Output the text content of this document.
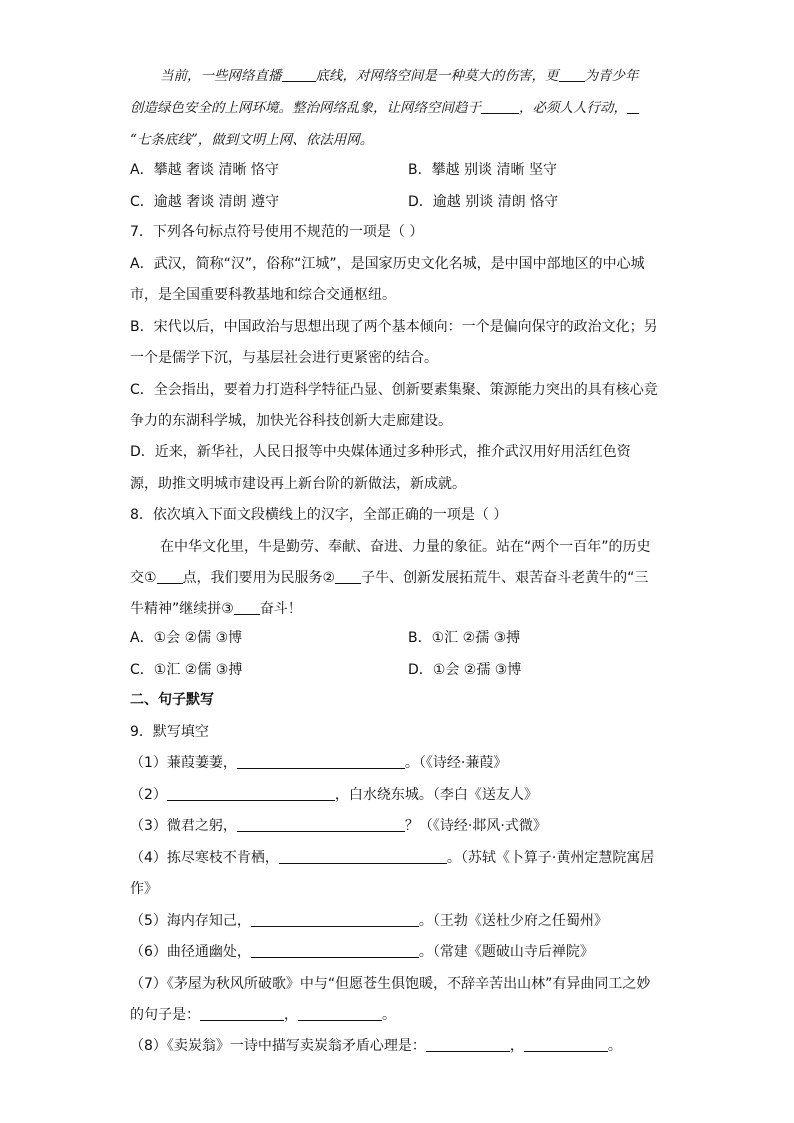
当前，一些网络直播	底线，对网络空间是一种莫大的伤害，更 为青少年
创造绿色安全的上网环境。整治网络乱象，让网络空间趋于	，必须人人行动，
“七条底线”，做到文明上网、依法用网。
A．攀越 奢谈 清晰 恪守	B．攀越 别谈 清晰 坚守
C．逾越 奢谈 清朗 遵守	D．逾越 别谈 清朗 恪守
7．下列各句标点符号使用不规范的一项是（ ）
A．武汉，简称“汉”，俗称“江城”，是国家历史文化名城，是中国中部地区的中心城
市，是全国重要科教基地和综合交通枢纽。
B．宋代以后，中国政治与思想出现了两个基本倾向：一个是偏向保守的政治文化；另
一个是儒学下沉，与基层社会进行更紧密的结合。
C．全会指出，要着力打造科学特征凸显、创新要素集聚、策源能力突出的具有核心竞
争力的东湖科学城，加快光谷科技创新大走廊建设。
D．近来，新华社，人民日报等中央媒体通过多种形式，推介武汉用好用活红色资
源，助推文明城市建设再上新台阶的新做法，新成就。
8．依次填入下面文段横线上的汉字，全部正确的一项是（ ）
在中华文化里，牛是勤劳、奉献、奋进、力量的象征。站在“两个一百年”的历史
交① 点，我们要用为民服务② 子牛、创新发展拓荒牛、艰苦奋斗老黄牛的“三
牛精神”继续拼③ 奋斗！
A．①会 ②儒 ③博	B．①汇 ②孺 ③搏
C．①汇 ②儒 ③搏	D．①会 ②孺 ③博
二、句子默写
9．默写填空
（1）蒹葭萋萋，	。（《诗经·蒹葭》
（2）	，白水绕东城。（李白《送友人》
（3）微君之躬，	？（《诗经·邶风·式微》
（4）拣尽寒枝不肯栖，	。（苏轼《卜算子·黄州定慧院寓居
作》
（5）海内存知己，	。（王勃《送杜少府之任蜀州》
（6）曲径通幽处，	。（常建《题破山寺后禅院》
（7）《茅屋为秋风所破歌》中与“但愿苍生俱饱暖，不辞辛苦出山林”有异曲同工之妙
的句子是：	，	。
（8）《卖炭翁》一诗中描写卖炭翁矛盾心理是：	，	。
